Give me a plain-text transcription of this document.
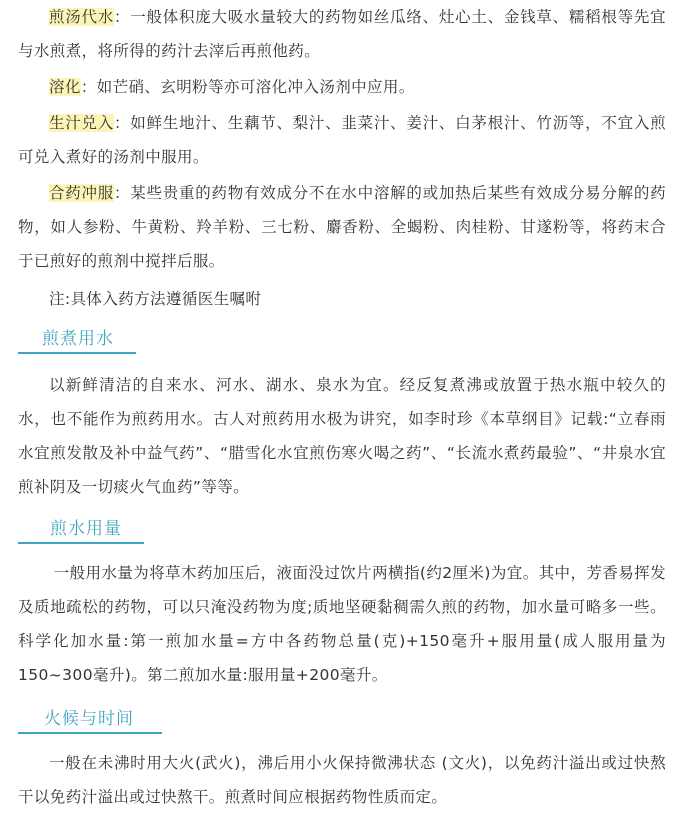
煎汤代水：一般体积庞大吸水量较大的药物如丝瓜络、灶心土、金钱草、糯稻根等先宜与水煎煮，将所得的药汁去滓后再煎他药。

溶化：如芒硝、玄明粉等亦可溶化冲入汤剂中应用。

生汁兑入：如鲜生地汁、生藕节、梨汁、韭菜汁、姜汁、白茅根汁、竹沥等，不宜入煎可兑入煮好的汤剂中服用。

合药冲服：某些贵重的药物有效成分不在水中溶解的或加热后某些有效成分易分解的药物，如人参粉、牛黄粉、羚羊粉、三七粉、麝香粉、全蝎粉、肉桂粉、甘遂粉等，将药末合于已煎好的煎剂中搅拌后服。

注:具体入药方法遵循医生嘱咐

煎煮用水

以新鲜清洁的自来水、河水、湖水、泉水为宜。经反复煮沸或放置于热水瓶中较久的水，也不能作为煎药用水。古人对煎药用水极为讲究，如李时珍《本草纲目》记载:“立春雨水宜煎发散及补中益气药”、“腊雪化水宜煎伤寒火喝之药”、“长流水煮药最验”、“井泉水宜煎补阴及一切痰火气血药”等等。

煎水用量

一般用水量为将草木药加压后，液面没过饮片两横指(约2厘米)为宜。其中，芳香易挥发及质地疏松的药物，可以只淹没药物为度;质地坚硬黏稠需久煎的药物，加水量可略多一些。科学化加水量:第一煎加水量=方中各药物总量(克)+150毫升+服用量(成人服用量为150~300毫升)。第二煎加水量:服用量+200毫升。

火候与时间

一般在未沸时用大火(武火)，沸后用小火保持微沸状态 (文火)，以免药汁溢出或过快熬干以免药汁溢出或过快熬干。煎煮时间应根据药物性质而定。
